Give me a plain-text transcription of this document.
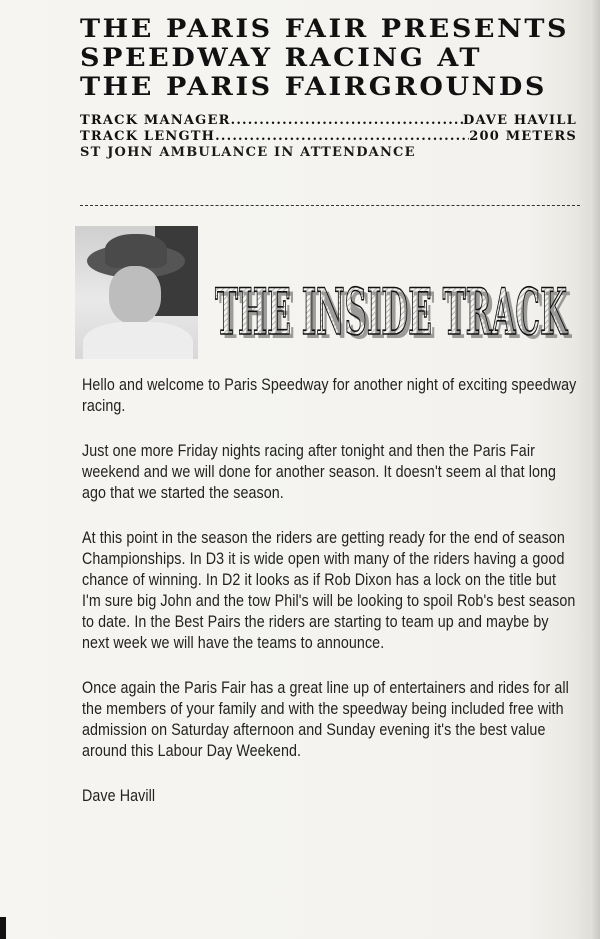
THE PARIS FAIR PRESENTS
SPEEDWAY RACING AT
THE PARIS FAIRGROUNDS
TRACK MANAGER .....	DAVE HAVILL
TRACK LENGTH .....	200 METERS
ST JOHN AMBULANCE IN ATTENDANCE
THE INSIDE TRACK
THE INSIDE TRACK

Hello and welcome to Paris Speedway for another night of exciting speedway racing.

Just one more Friday nights racing after tonight and then the Paris Fair weekend and we will done for another season. It doesn't seem al that long ago that we started the season.

At this point in the season the riders are getting ready for the end of season Championships. In D3 it is wide open with many of the riders having a good chance of winning. In D2 it looks as if Rob Dixon has a lock on the title but I'm sure big John and the tow Phil's will be looking to spoil Rob's best season to date. In the Best Pairs the riders are starting to team up and maybe by next week we will have the teams to announce.

Once again the Paris Fair has a great line up of entertainers and rides for all the members of your family and with the speedway being included free with admission on Saturday afternoon and Sunday evening it's the best value around this Labour Day Weekend.

Dave Havill
